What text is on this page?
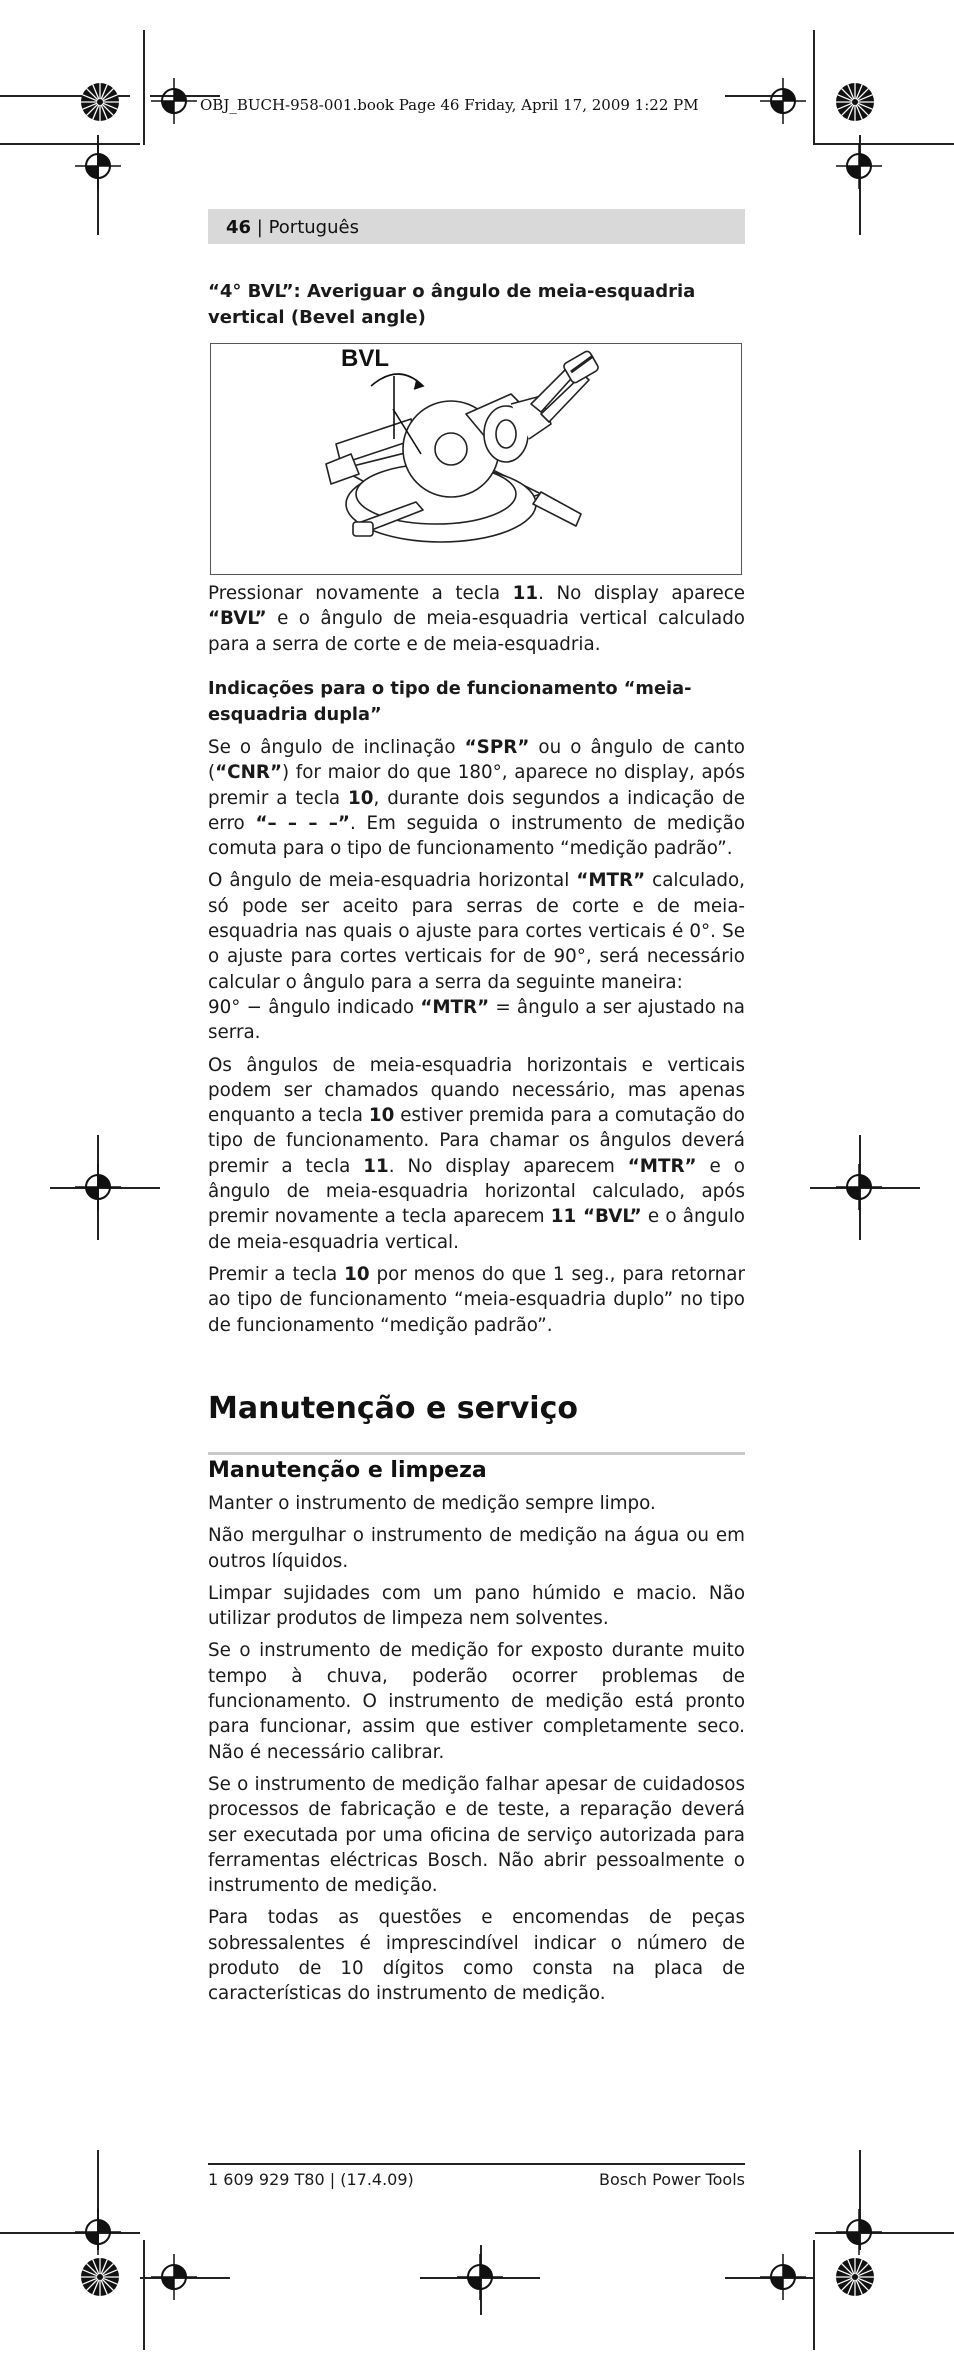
OBJ_BUCH-958-001.book Page 46 Friday, April 17, 2009 1:22 PM
46 | Português
“4° BVL”: Averiguar o ângulo de meia-esquadria vertical (Bevel angle)
BVL

Pressionar novamente a tecla 11. No display aparece “BVL” e o ângulo de meia-esquadria vertical calculado para a serra de corte e de meia-esquadria.

Indicações para o tipo de funcionamento “meia-esquadria dupla”

Se o ângulo de inclinação “SPR” ou o ângulo de canto (“CNR”) for maior do que 180°, aparece no display, após premir a tecla 10, durante dois segundos a indicação de erro “– – – –”. Em seguida o instrumento de medição comuta para o tipo de funcionamento “medição padrão”.

O ângulo de meia-esquadria horizontal “MTR” calculado, só pode ser aceito para serras de corte e de meia-esquadria nas quais o ajuste para cortes verticais é 0°. Se o ajuste para cortes verticais for de 90°, será necessário calcular o ângulo para a serra da seguinte maneira:

90° − ângulo indicado “MTR” = ângulo a ser ajustado na serra.

Os ângulos de meia-esquadria horizontais e verticais podem ser chamados quando necessário, mas apenas enquanto a tecla 10 estiver premida para a comutação do tipo de funcionamento. Para chamar os ângulos deverá premir a tecla 11. No display aparecem “MTR” e o ângulo de meia-esquadria horizontal calculado, após premir novamente a tecla aparecem 11 “BVL” e o ângulo de meia-esquadria vertical.

Premir a tecla 10 por menos do que 1 seg., para retornar ao tipo de funcionamento “meia-esquadria duplo” no tipo de funcionamento “medição padrão”.

Manutenção e serviço
Manutenção e limpeza

Manter o instrumento de medição sempre limpo.

Não mergulhar o instrumento de medição na água ou em outros líquidos.

Limpar sujidades com um pano húmido e macio. Não utilizar produtos de limpeza nem solventes.

Se o instrumento de medição for exposto durante muito tempo à chuva, poderão ocorrer problemas de funcionamento. O instrumento de medição está pronto para funcionar, assim que estiver completamente seco. Não é necessário calibrar.

Se o instrumento de medição falhar apesar de cuidadosos processos de fabricação e de teste, a reparação deverá ser executada por uma oficina de serviço autorizada para ferramentas eléctricas Bosch. Não abrir pessoalmente o instrumento de medição.

Para todas as questões e encomendas de peças sobressalentes é imprescindível indicar o número de produto de 10 dígitos como consta na placa de características do instrumento de medição.

1 609 929 T80 | (17.4.09)	Bosch Power Tools
